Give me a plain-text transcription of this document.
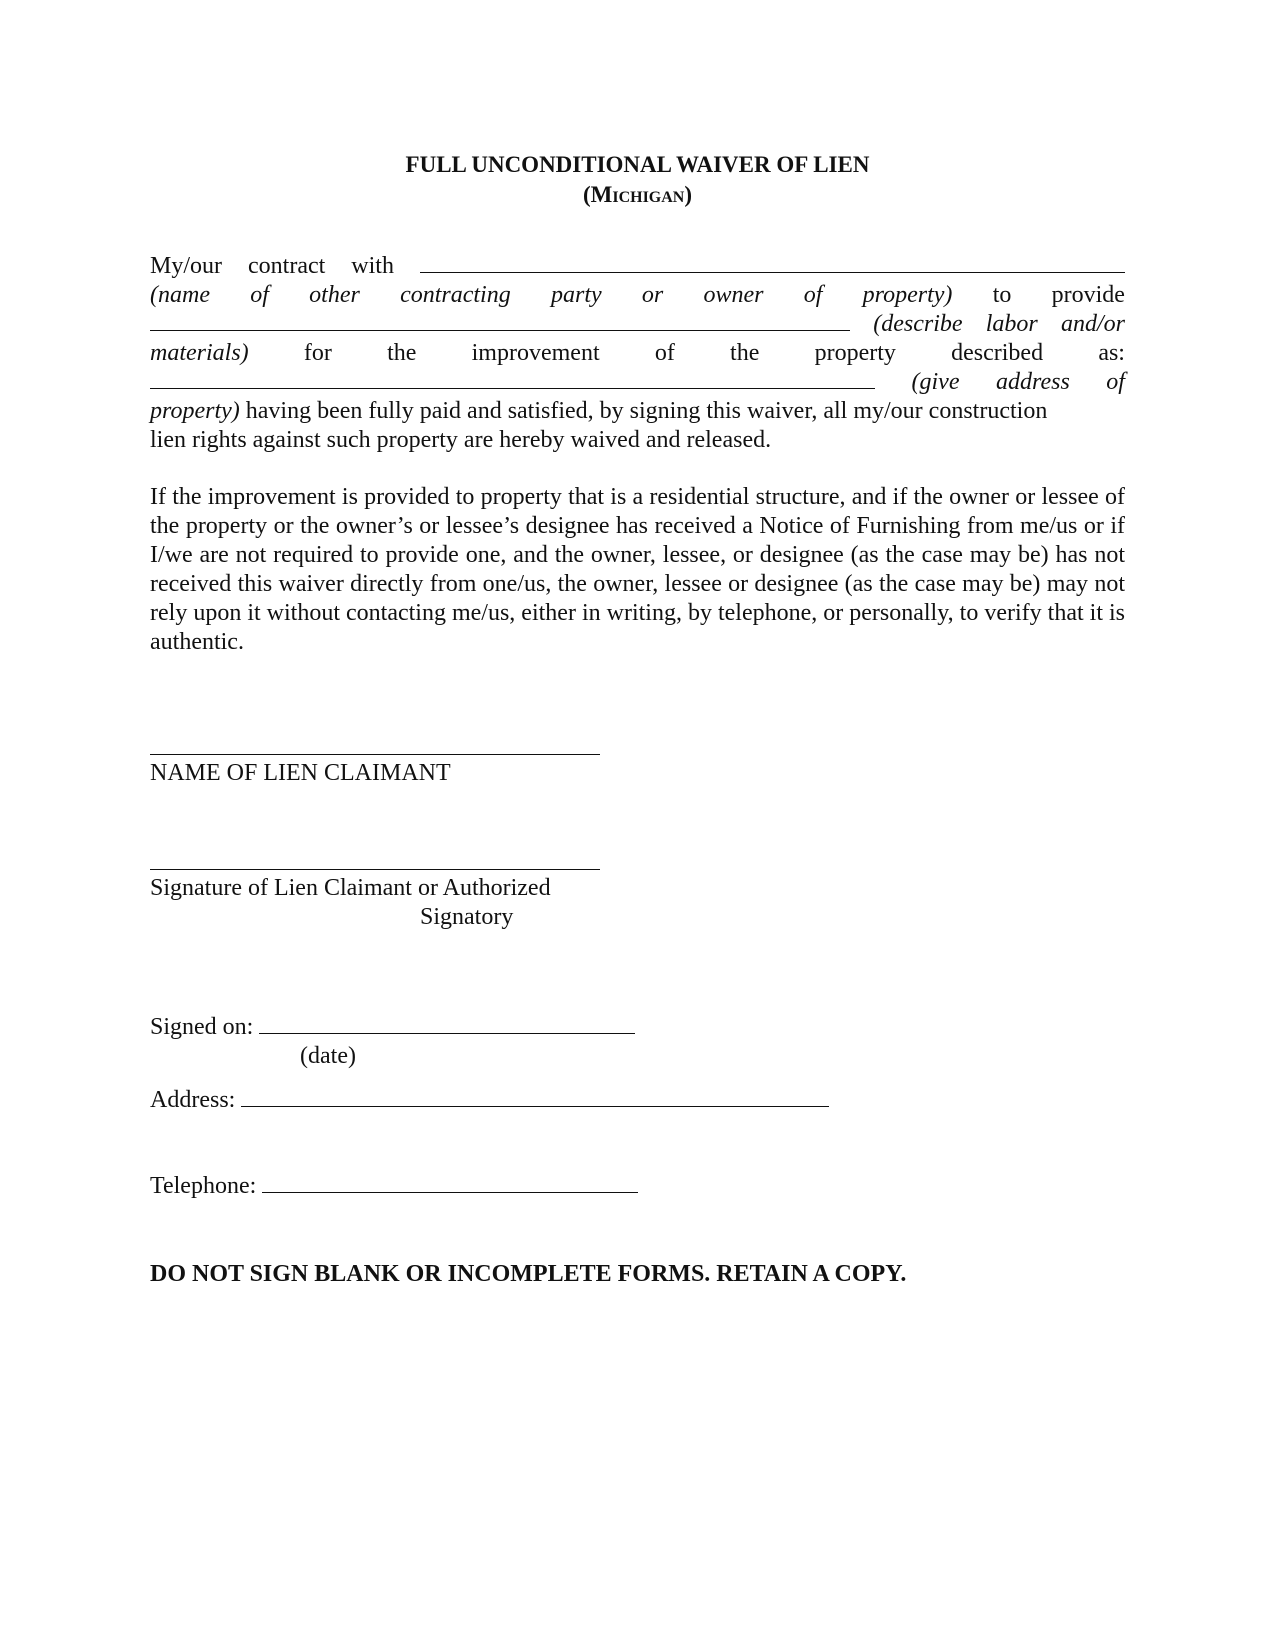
FULL UNCONDITIONAL WAIVER OF LIEN
(Michigan)
My/our contract with
(name of other contracting party or owner of property) to provide
(describe labor and/or
materials) for the improvement of the property described as:
(give address of
property) having been fully paid and satisfied, by signing this waiver, all my/our construction
lien rights against such property are hereby waived and released.

If the improvement is provided to property that is a residential structure, and if the owner or lessee of the property or the owner’s or lessee’s designee has received a Notice of Furnishing from me/us or if I/we are not required to provide one, and the owner, lessee, or designee (as the case may be) has not received this waiver directly from one/us, the owner, lessee or designee (as the case may be) may not rely upon it without contacting me/us, either in writing, by telephone, or personally, to verify that it is authentic.

NAME OF LIEN CLAIMANT
Signature of Lien Claimant or Authorized
Signatory
Signed on:
(date)
Address:
Telephone:
DO NOT SIGN BLANK OR INCOMPLETE FORMS. RETAIN A COPY.
